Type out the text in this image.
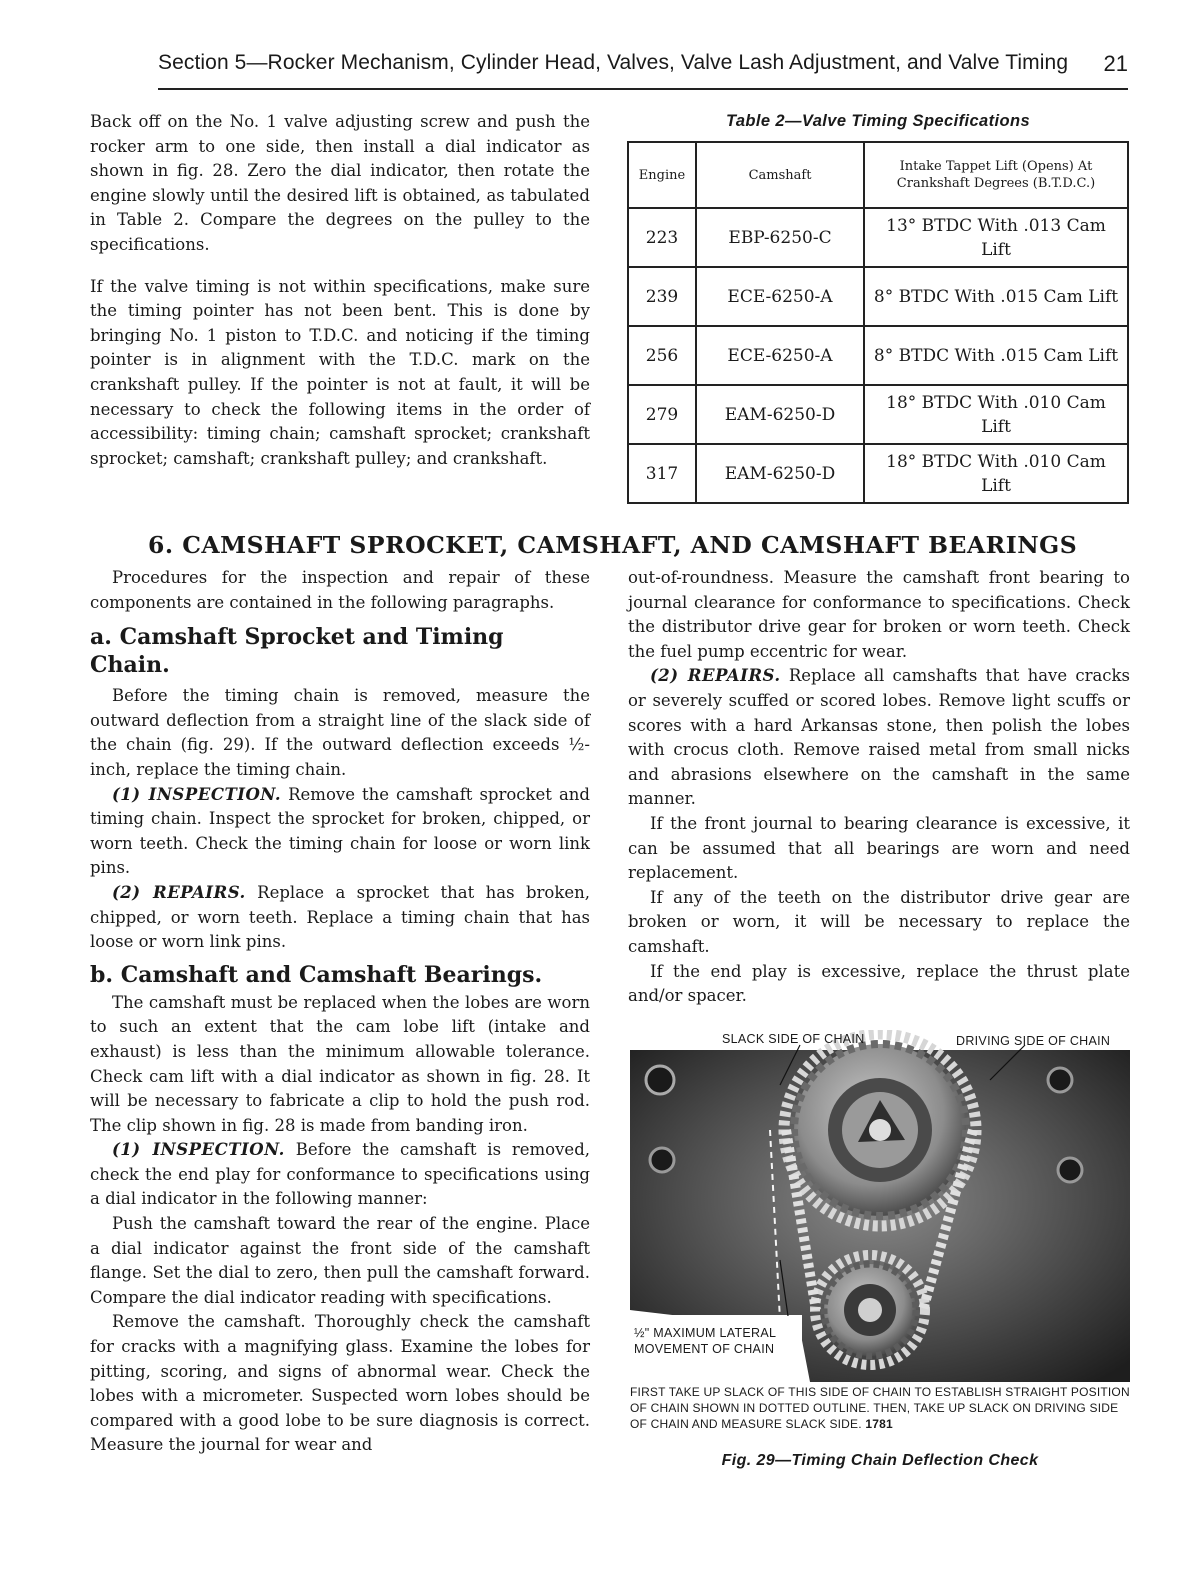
Section 5—Rocker Mechanism, Cylinder Head, Valves, Valve Lash Adjustment, and Valve Timing 21

Back off on the No. 1 valve adjusting screw and push the rocker arm to one side, then install a dial indicator as shown in fig. 28. Zero the dial indicator, then rotate the engine slowly until the desired lift is obtained, as tabulated in Table 2. Compare the degrees on the pulley to the specifications.

If the valve timing is not within specifications, make sure the timing pointer has not been bent. This is done by bringing No. 1 piston to T.D.C. and noticing if the timing pointer is in alignment with the T.D.C. mark on the crankshaft pulley. If the pointer is not at fault, it will be necessary to check the following items in the order of accessibility: timing chain; camshaft sprocket; crankshaft sprocket; camshaft; crankshaft pulley; and crankshaft.

Table 2—Valve Timing Specifications
Engine	Camshaft	Intake Tappet Lift (Opens) At Crankshaft Degrees (B.T.D.C.)
223	EBP-6250-C	13° BTDC With .013 Cam Lift
239	ECE-6250-A	8° BTDC With .015 Cam Lift
256	ECE-6250-A	8° BTDC With .015 Cam Lift
279	EAM-6250-D	18° BTDC With .010 Cam Lift
317	EAM-6250-D	18° BTDC With .010 Cam Lift
6. CAMSHAFT SPROCKET, CAMSHAFT, AND CAMSHAFT BEARINGS

Procedures for the inspection and repair of these components are contained in the following paragraphs.

a. Camshaft Sprocket and Timing Chain.

Before the timing chain is removed, measure the outward deflection from a straight line of the slack side of the chain (fig. 29). If the outward deflection exceeds ½-inch, replace the timing chain.

(1) INSPECTION. Remove the camshaft sprocket and timing chain. Inspect the sprocket for broken, chipped, or worn teeth. Check the timing chain for loose or worn link pins.

(2) REPAIRS. Replace a sprocket that has broken, chipped, or worn teeth. Replace a timing chain that has loose or worn link pins.

b. Camshaft and Camshaft Bearings.

The camshaft must be replaced when the lobes are worn to such an extent that the cam lobe lift (intake and exhaust) is less than the minimum allowable tolerance. Check cam lift with a dial indicator as shown in fig. 28. It will be necessary to fabricate a clip to hold the push rod. The clip shown in fig. 28 is made from banding iron.

(1) INSPECTION. Before the camshaft is removed, check the end play for conformance to specifications using a dial indicator in the following manner:

Push the camshaft toward the rear of the engine. Place a dial indicator against the front side of the camshaft flange. Set the dial to zero, then pull the camshaft forward. Compare the dial indicator reading with specifications.

Remove the camshaft. Thoroughly check the camshaft for cracks with a magnifying glass. Examine the lobes for pitting, scoring, and signs of abnormal wear. Check the lobes with a micrometer. Suspected worn lobes should be compared with a good lobe to be sure diagnosis is correct. Measure the journal for wear and

out-of-roundness. Measure the camshaft front bearing to journal clearance for conformance to specifications. Check the distributor drive gear for broken or worn teeth. Check the fuel pump eccentric for wear.

(2) REPAIRS. Replace all camshafts that have cracks or severely scuffed or scored lobes. Remove light scuffs or scores with a hard Arkansas stone, then polish the lobes with crocus cloth. Remove raised metal from small nicks and abrasions elsewhere on the camshaft in the same manner.

If the front journal to bearing clearance is excessive, it can be assumed that all bearings are worn and need replacement.

If any of the teeth on the distributor drive gear are broken or worn, it will be necessary to replace the camshaft.

If the end play is excessive, replace the thrust plate and/or spacer.

SLACK SIDE OF CHAIN	DRIVING SIDE OF CHAIN
½" MAXIMUM LATERAL
MOVEMENT OF CHAIN
FIRST TAKE UP SLACK OF THIS SIDE OF CHAIN TO ESTABLISH STRAIGHT POSITION OF CHAIN SHOWN IN DOTTED OUTLINE. THEN, TAKE UP SLACK ON DRIVING SIDE OF CHAIN AND MEASURE SLACK SIDE. 1781
Fig. 29—Timing Chain Deflection Check
